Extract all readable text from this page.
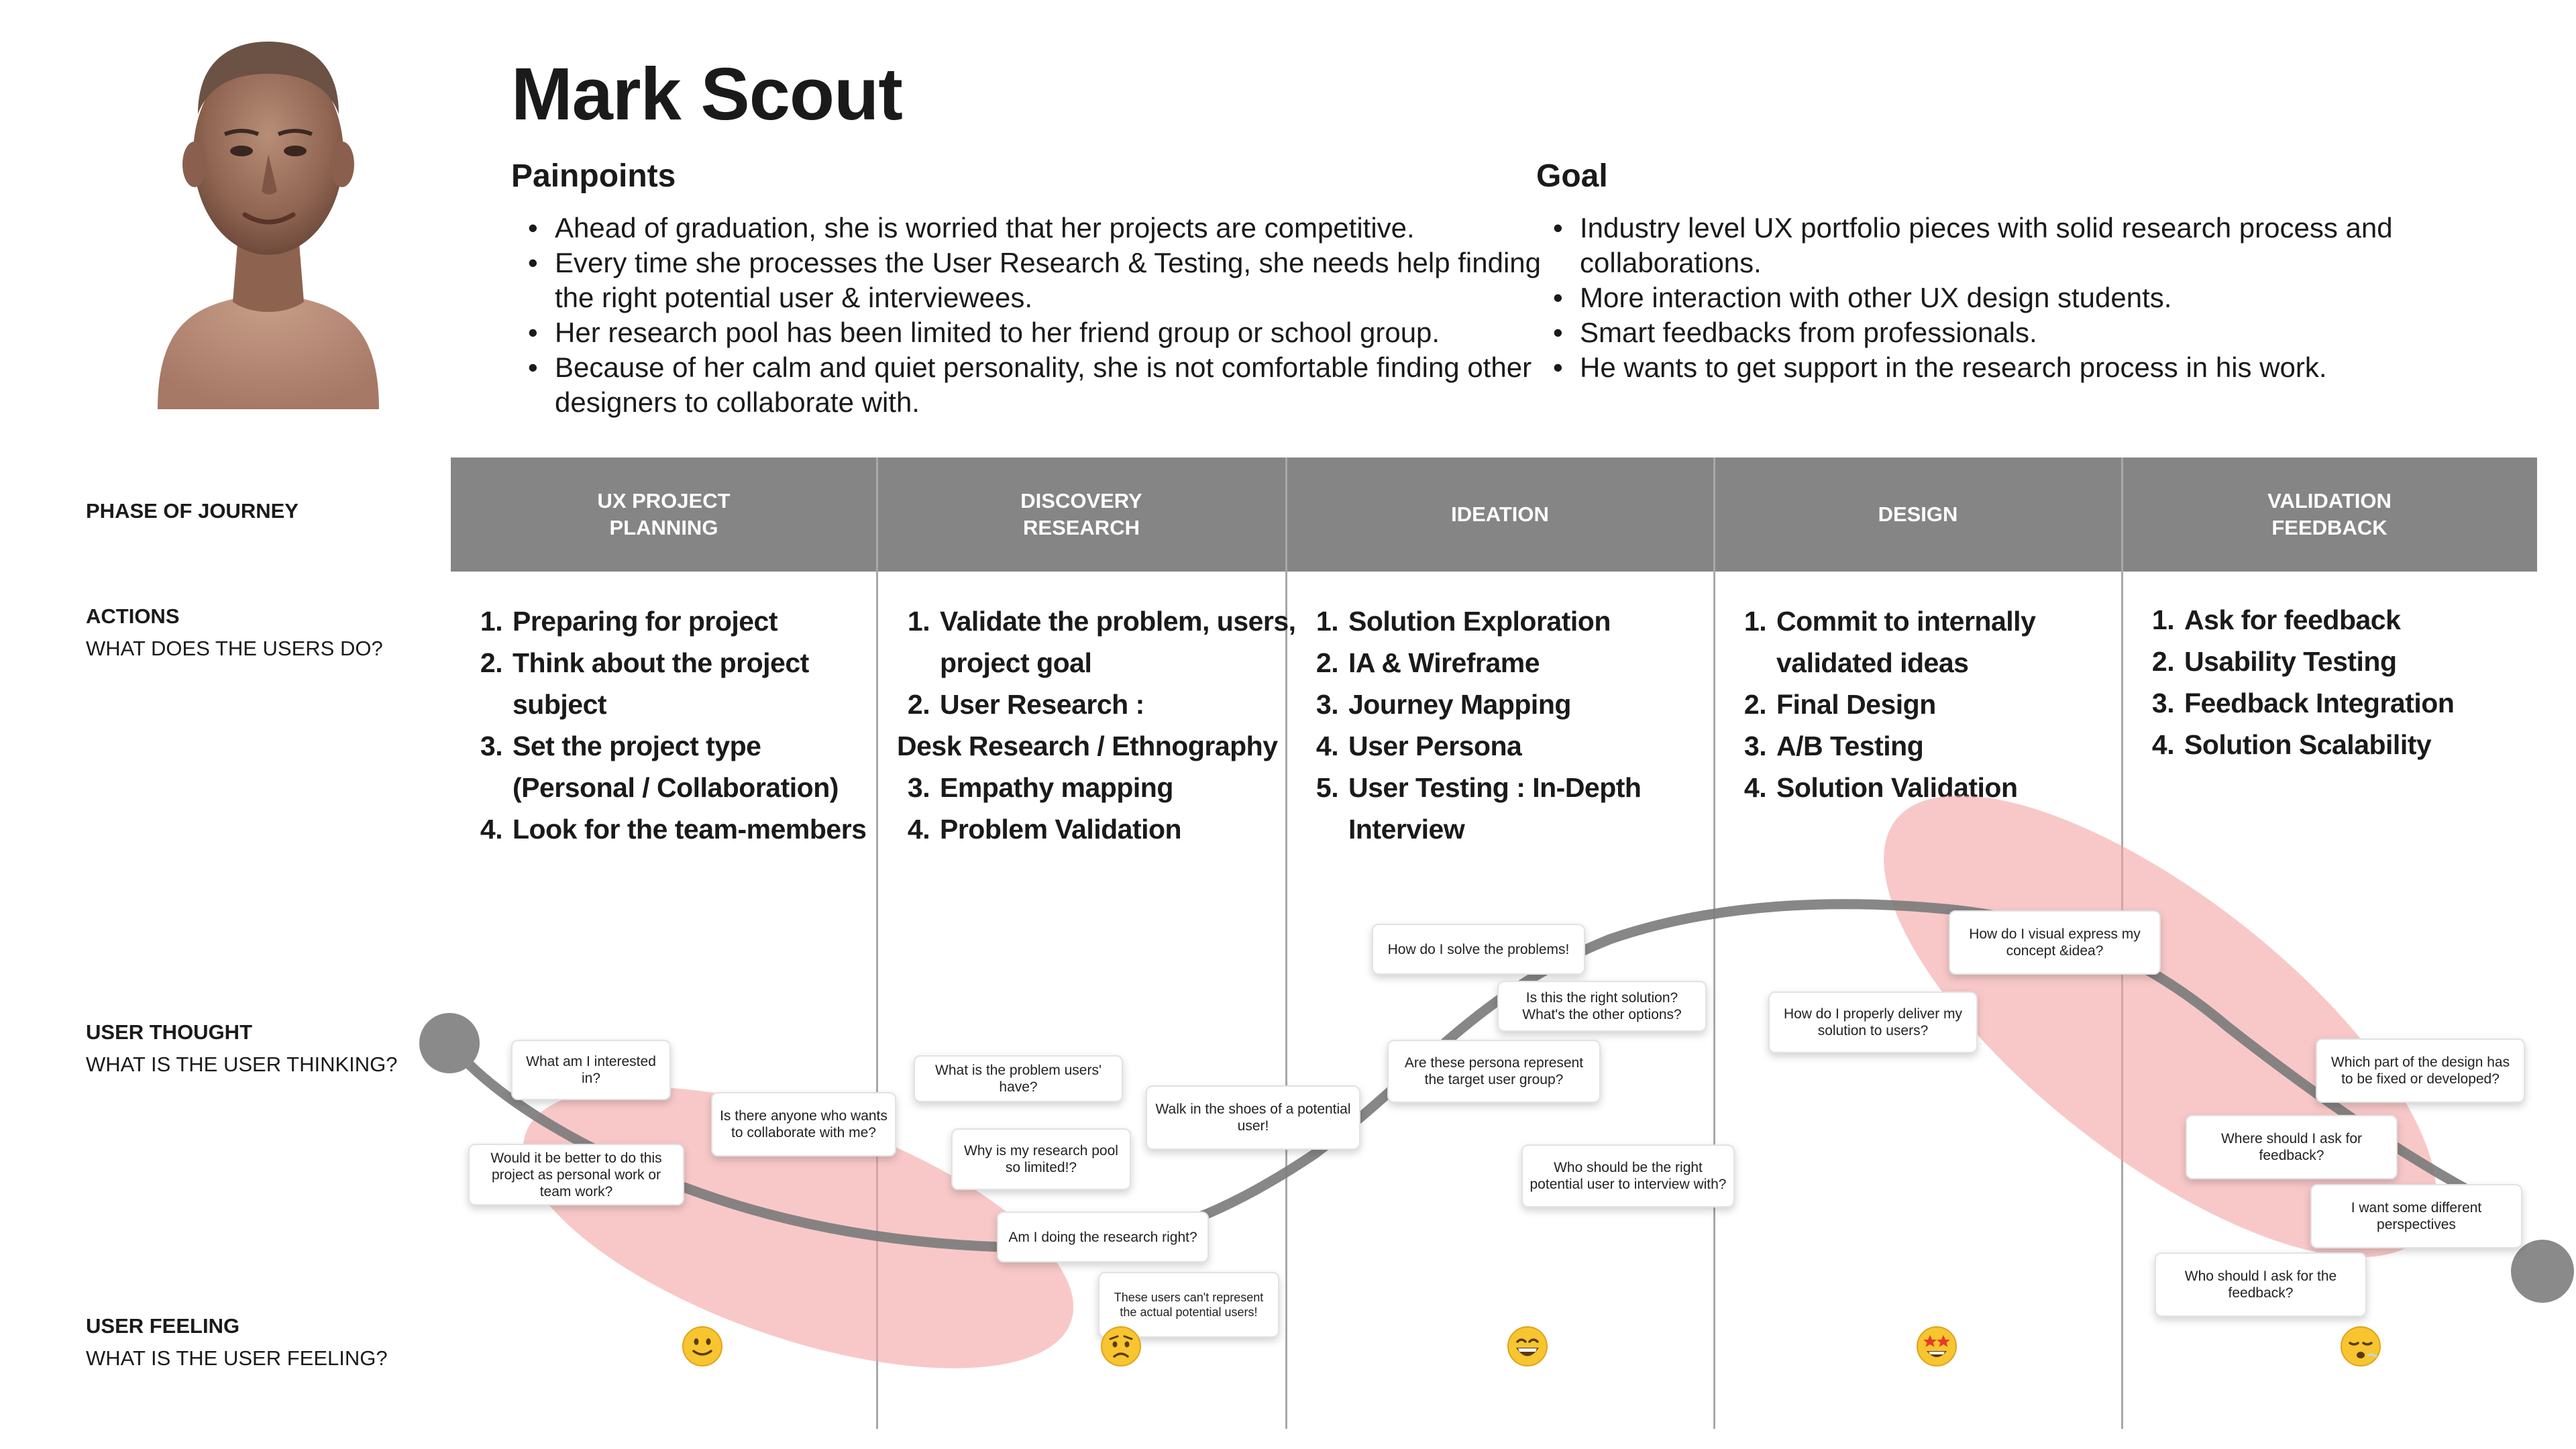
Mark Scout
Painpoints
• Ahead of graduation, she is worried that her projects are competitive.
• Every time she processes the User Research & Testing, she needs help finding the right potential user & interviewees.
• Her research pool has been limited to her friend group or school group.
• Because of her calm and quiet personality, she is not comfortable finding other designers to collaborate with.
Goal
• Industry level UX portfolio pieces with solid research process and collaborations.
• More interaction with other UX design students.
• Smart feedbacks from professionals.
• He wants to get support in the research process in his work.
PHASE OF JOURNEY
ACTIONS
WHAT DOES THE USERS DO?
USER THOUGHT
WHAT IS THE USER THINKING?
USER FEELING
WHAT IS THE USER FEELING?
UX PROJECT
PLANNING
DISCOVERY
RESEARCH
IDEATION	DESIGN
VALIDATION
FEEDBACK
1. Preparing for project
2. Think about the project subject
3. Set the project type (Personal / Collaboration)
4. Look for the team-members
1. Validate the problem, users, project goal
2. User Research :
Desk Research / Ethnography
3. Empathy mapping
4. Problem Validation
1. Solution Exploration
2. IA & Wireframe
3. Journey Mapping
4. User Persona
5. User Testing : In-Depth Interview
1. Commit to internally validated ideas
2. Final Design
3. A/B Testing
4. Solution Validation
1. Ask for feedback
2. Usability Testing
3. Feedback Integration
4. Solution Scalability
What am I interested in?
Would it be better to do this project as personal work or team work?
Is there anyone who wants to collaborate with me?
What is the problem users' have?
Why is my research pool so limited!?
Am I doing the research right?
These users can't represent the actual potential users!
Walk in the shoes of a potential user!
How do I solve the problems!
Is this the right solution? What's the other options?
Are these persona represent the target user group?
Who should be the right potential user to interview with?
How do I properly deliver my solution to users?
How do I visual express my concept &idea?
Which part of the design has to be fixed or developed?
Where should I ask for feedback?
I want some different perspectives
Who should I ask for the feedback?
